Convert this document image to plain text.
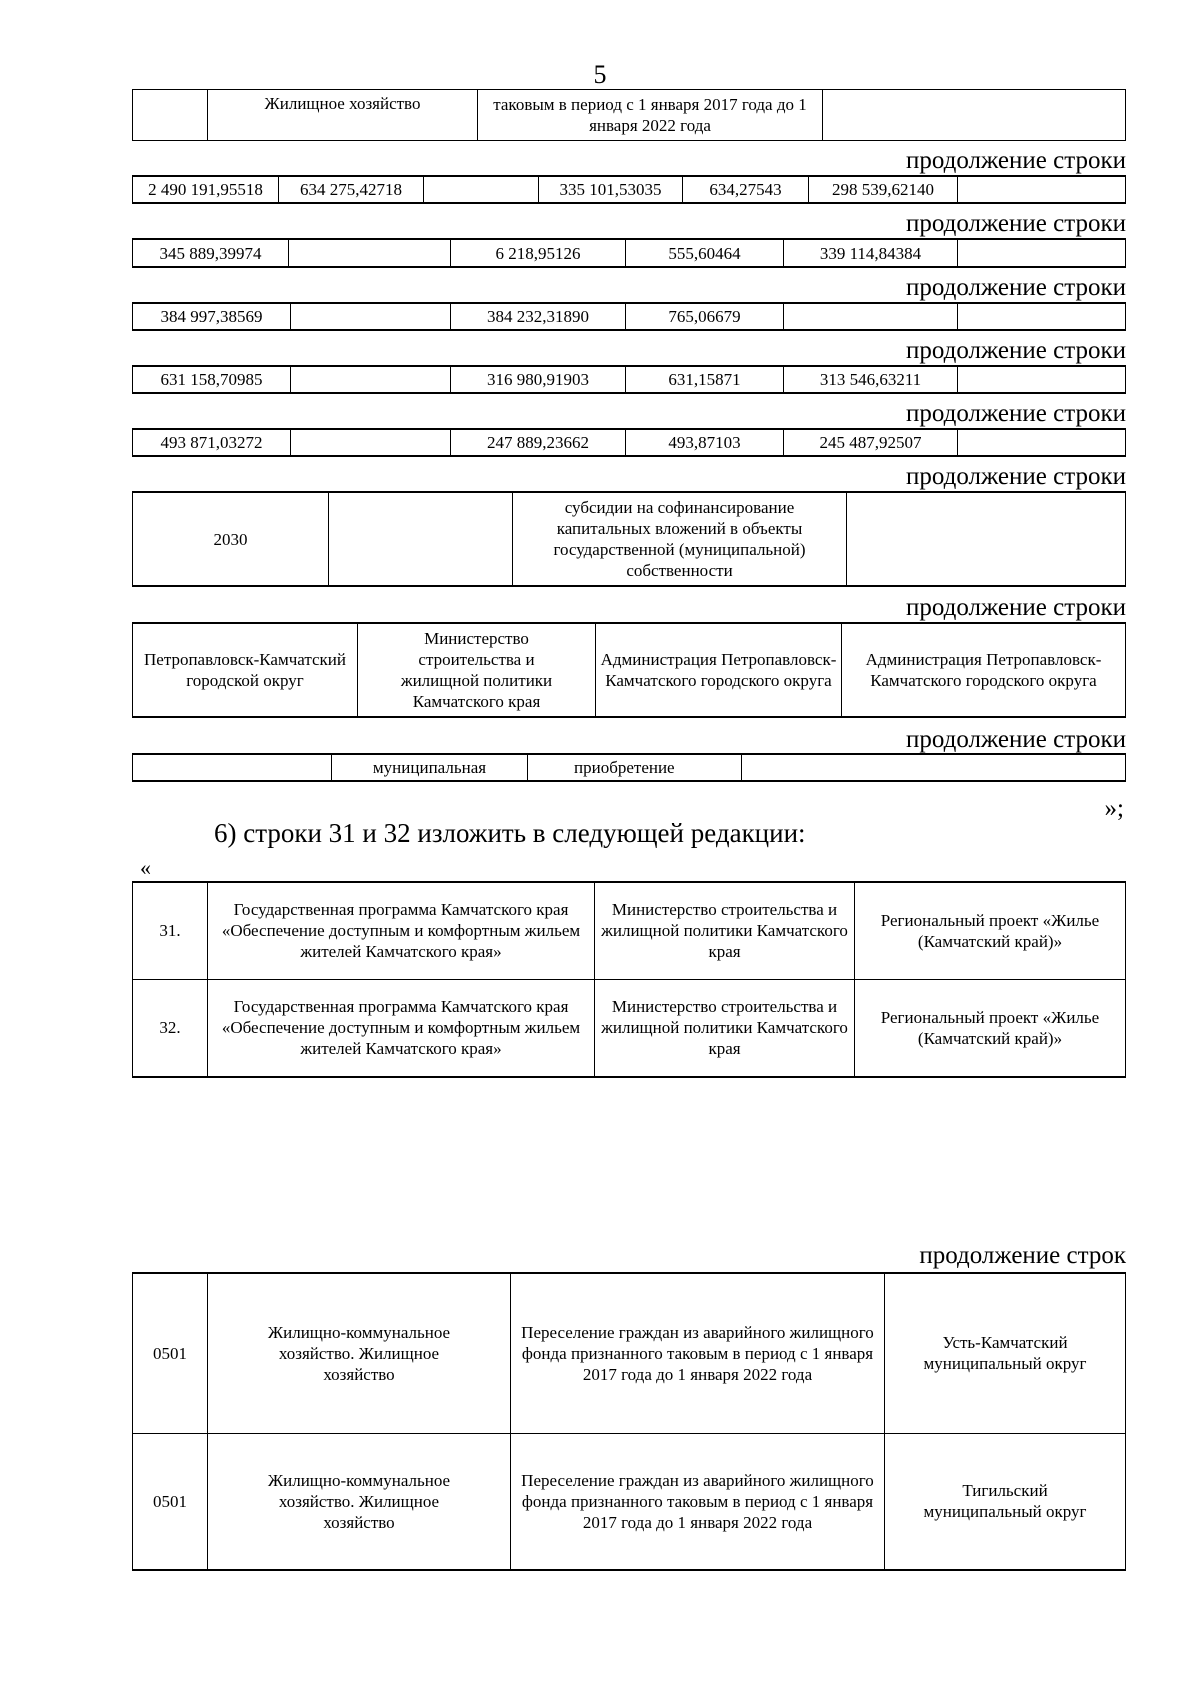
5
	Жилищное хозяйство	таковым в период с 1 января 2017 года до 1 января 2022 года	
продолжение строки
2 490 191,95518	634 275,42718		335 101,53035	634,27543	298 539,62140	
продолжение строки
345 889,39974		6 218,95126	555,60464	339 114,84384	
продолжение строки
384 997,38569		384 232,31890	765,06679		
продолжение строки
631 158,70985		316 980,91903	631,15871	313 546,63211	
продолжение строки
493 871,03272		247 889,23662	493,87103	245 487,92507	
продолжение строки
2030		субсидии на софинансирование капитальных вложений в объекты государственной (муниципальной) собственности	
продолжение строки
Петропавловск-Камчатский городской округ	Министерство строительства и жилищной политики Камчатского края	Администрация Петропавловск-Камчатского городского округа	Администрация Петропавловск-Камчатского городского округа
продолжение строки
	муниципальная	приобретение	
»;
6) строки 31 и 32 изложить в следующей редакции:
«
31.	Государственная программа Камчатского края «Обеспечение доступным и комфортным жильем жителей Камчатского края»	Министерство строительства и жилищной политики Камчатского края	Региональный проект «Жилье (Камчатский край)»
32.	Государственная программа Камчатского края «Обеспечение доступным и комфортным жильем жителей Камчатского края»	Министерство строительства и жилищной политики Камчатского края	Региональный проект «Жилье (Камчатский край)»
продолжение строк
0501	Жилищно-коммунальное хозяйство. Жилищное хозяйство	Переселение граждан из аварийного жилищного фонда признанного таковым в период с 1 января 2017 года до 1 января 2022 года	Усть-Камчатский муниципальный округ
0501	Жилищно-коммунальное хозяйство. Жилищное хозяйство	Переселение граждан из аварийного жилищного фонда признанного таковым в период с 1 января 2017 года до 1 января 2022 года	Тигильский муниципальный округ
